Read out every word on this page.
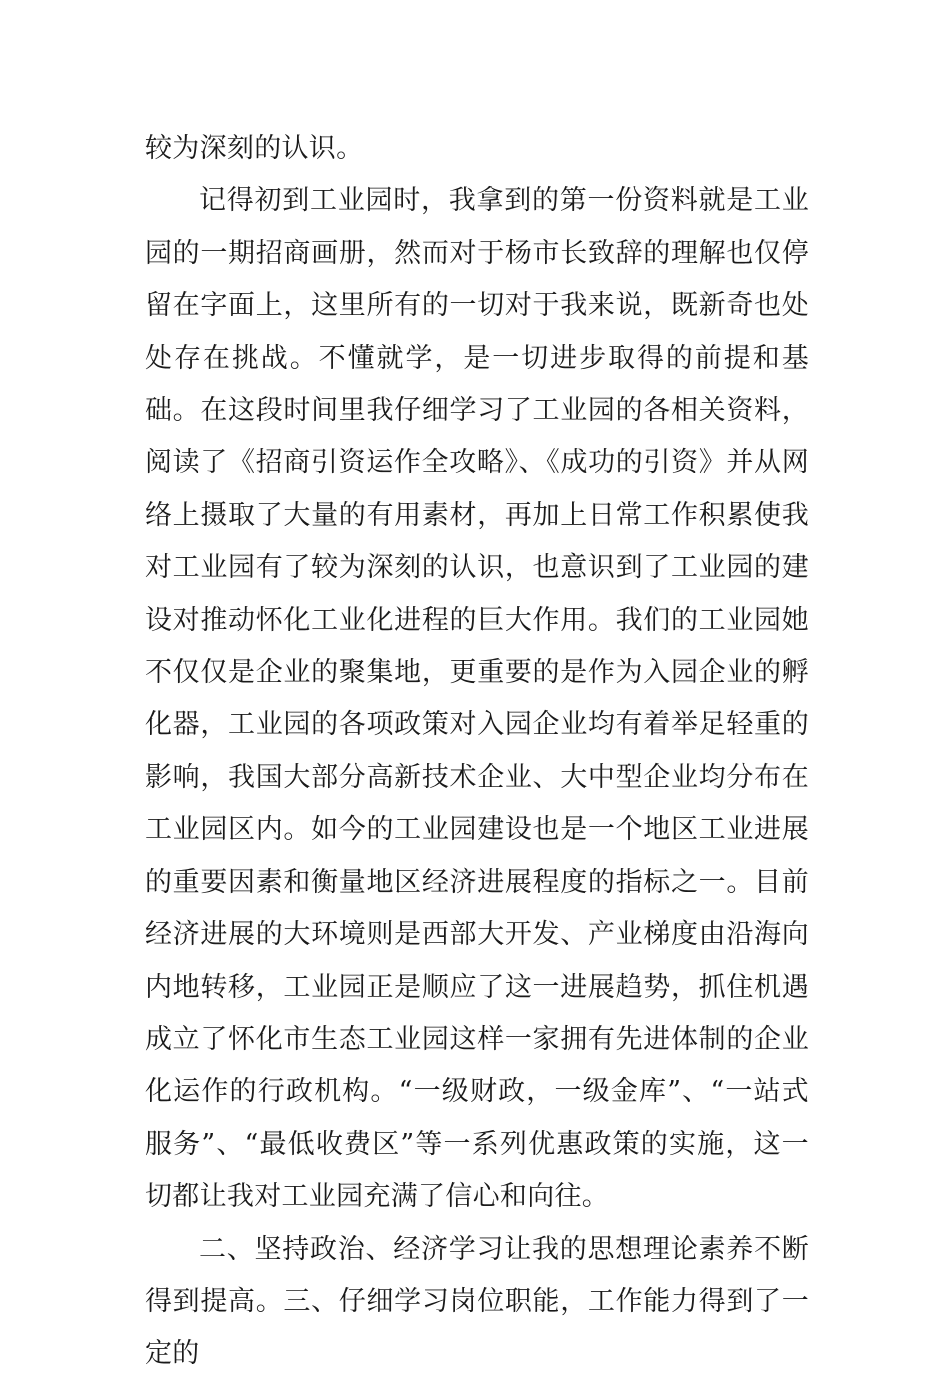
较为深刻的认识。

记得初到工业园时，我拿到的第一份资料就是工业园的一期招商画册，然而对于杨市长致辞的理解也仅停留在字面上，这里所有的一切对于我来说，既新奇也处处存在挑战。不懂就学，是一切进步取得的前提和基础。在这段时间里我仔细学习了工业园的各相关资料，阅读了《招商引资运作全攻略》、《成功的引资》并从网络上摄取了大量的有用素材，再加上日常工作积累使我对工业园有了较为深刻的认识，也意识到了工业园的建设对推动怀化工业化进程的巨大作用。我们的工业园她不仅仅是企业的聚集地，更重要的是作为入园企业的孵化器，工业园的各项政策对入园企业均有着举足轻重的影响，我国大部分高新技术企业、大中型企业均分布在工业园区内。如今的工业园建设也是一个地区工业进展的重要因素和衡量地区经济进展程度的指标之一。目前经济进展的大环境则是西部大开发、产业梯度由沿海向内地转移，工业园正是顺应了这一进展趋势，抓住机遇成立了怀化市生态工业园这样一家拥有先进体制的企业化运作的行政机构。“一级财政，一级金库”、“一站式服务”、“最低收费区”等一系列优惠政策的实施，这一切都让我对工业园充满了信心和向往。

二、坚持政治、经济学习让我的思想理论素养不断得到提高。三、仔细学习岗位职能，工作能力得到了一定的
